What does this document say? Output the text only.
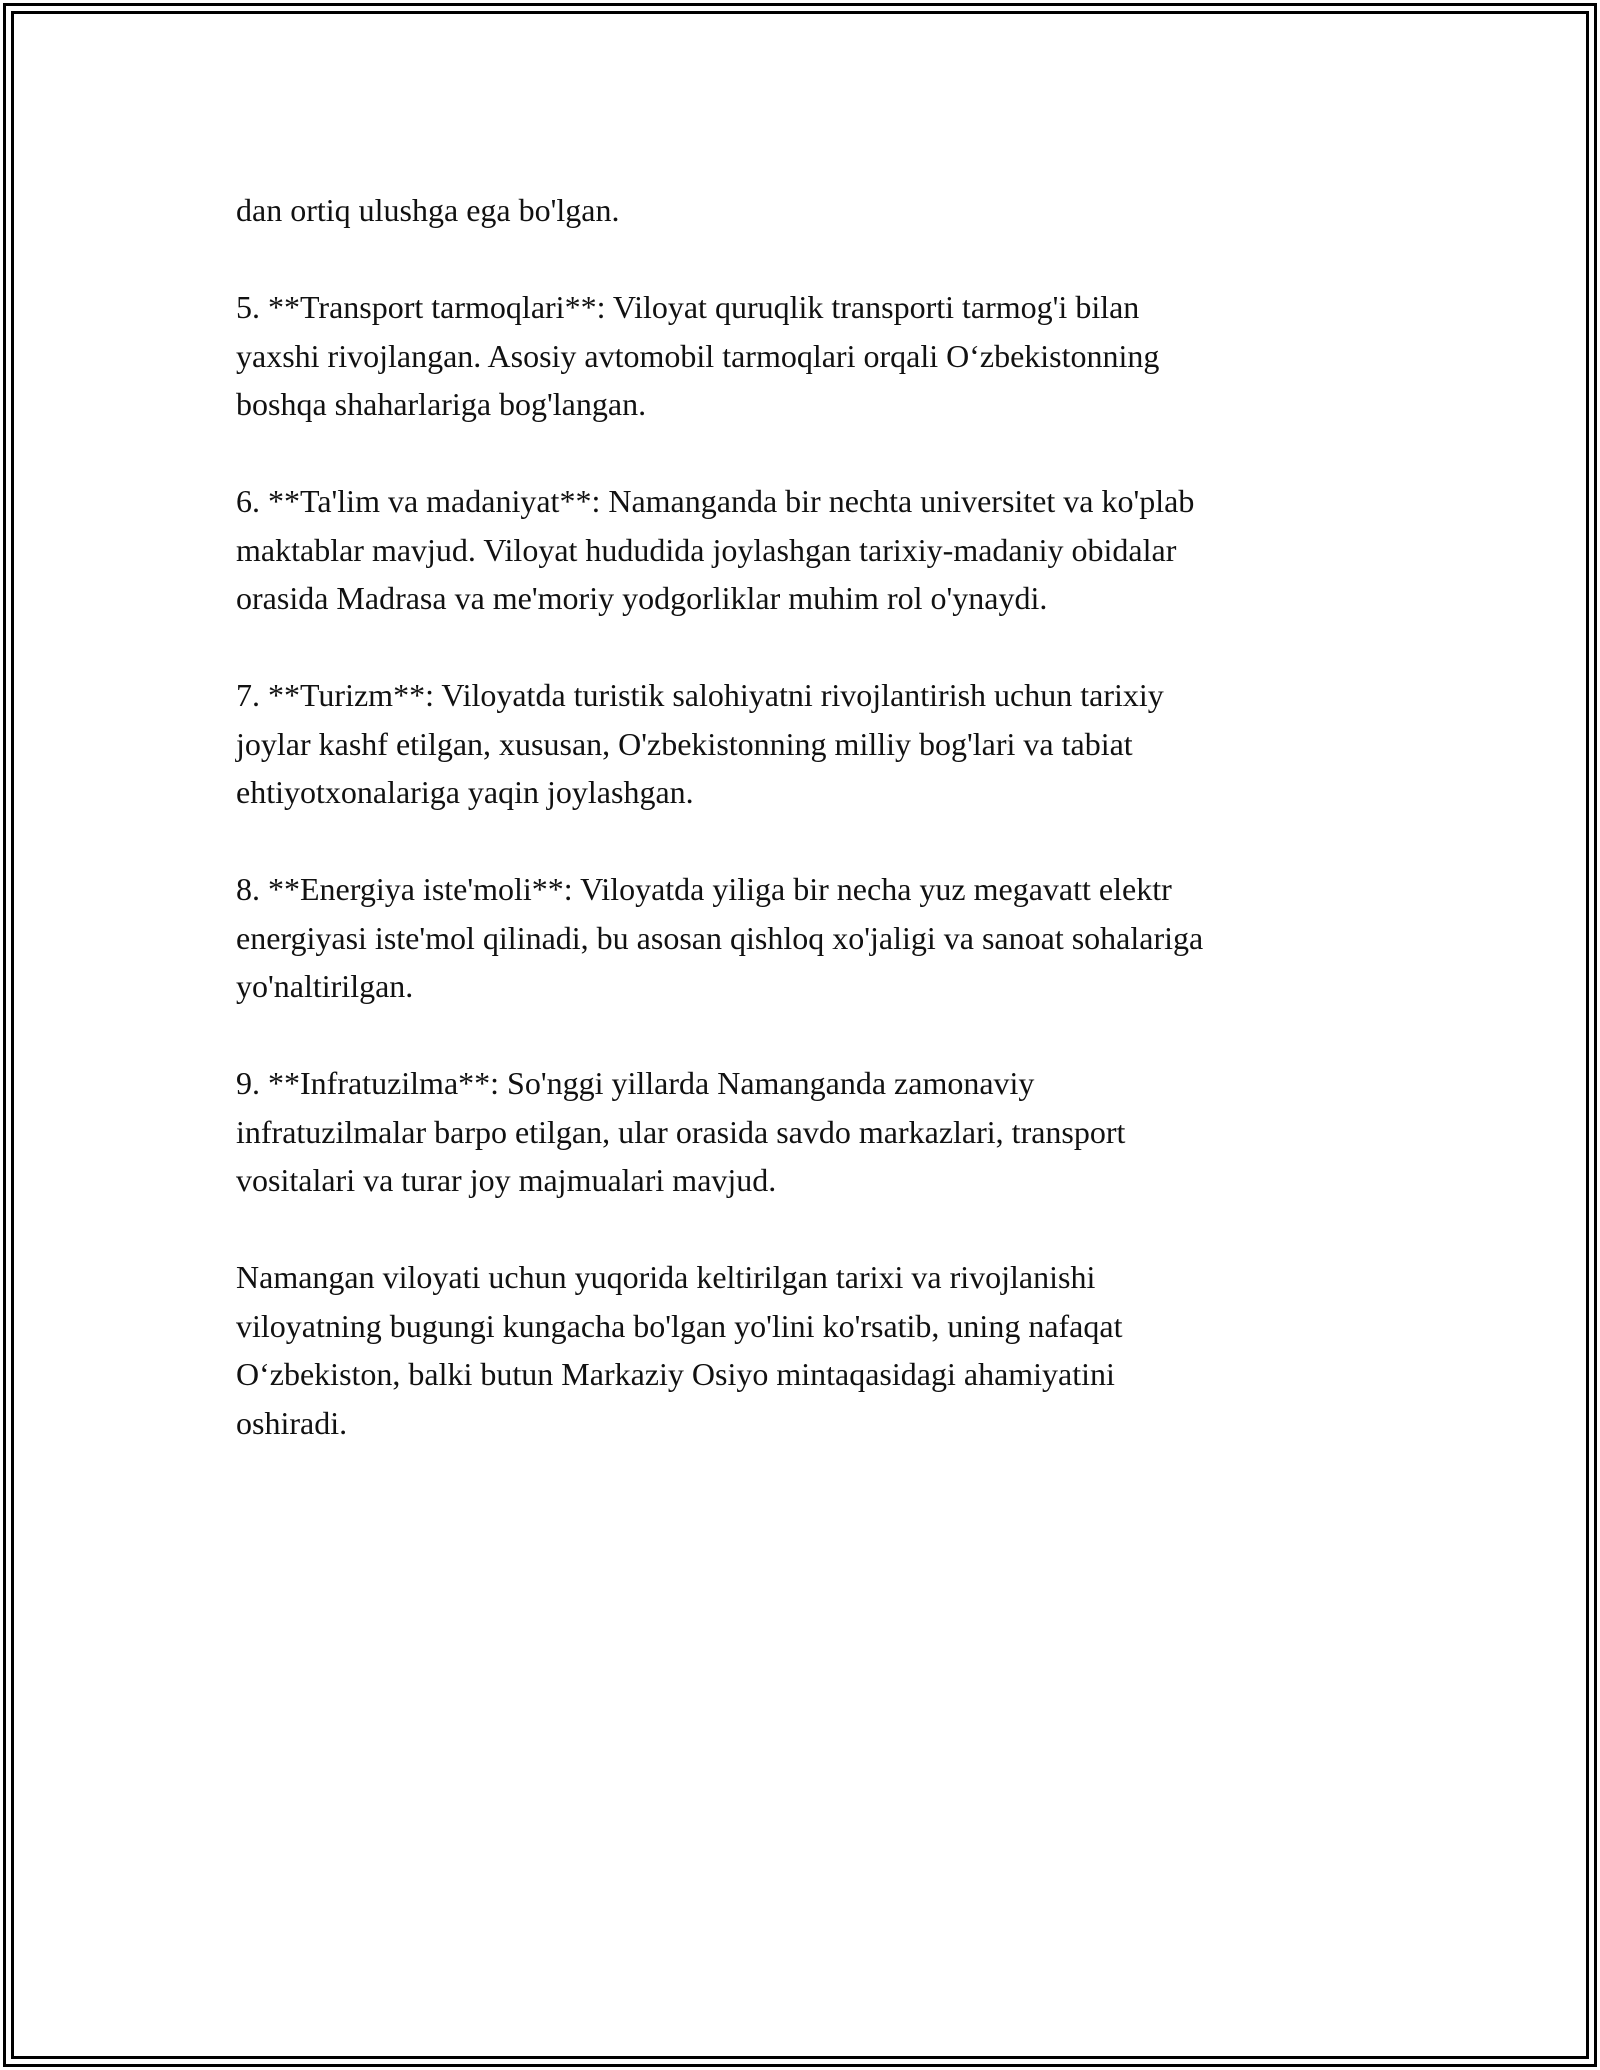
dan ortiq ulushga ega bo'lgan.

5. **Transport tarmoqlari**: Viloyat quruqlik transporti tarmog'i bilan
yaxshi rivojlangan. Asosiy avtomobil tarmoqlari orqali O‘zbekistonning
boshqa shaharlariga bog'langan.

6. **Ta'lim va madaniyat**: Namanganda bir nechta universitet va ko'plab
maktablar mavjud. Viloyat hududida joylashgan tarixiy-madaniy obidalar
orasida Madrasa va me'moriy yodgorliklar muhim rol o'ynaydi.

7. **Turizm**: Viloyatda turistik salohiyatni rivojlantirish uchun tarixiy
joylar kashf etilgan, xususan, O'zbekistonning milliy bog'lari va tabiat
ehtiyotxonalariga yaqin joylashgan.

8. **Energiya iste'moli**: Viloyatda yiliga bir necha yuz megavatt elektr
energiyasi iste'mol qilinadi, bu asosan qishloq xo'jaligi va sanoat sohalariga
yo'naltirilgan.

9. **Infratuzilma**: So'nggi yillarda Namanganda zamonaviy
infratuzilmalar barpo etilgan, ular orasida savdo markazlari, transport
vositalari va turar joy majmualari mavjud.

Namangan viloyati uchun yuqorida keltirilgan tarixi va rivojlanishi
viloyatning bugungi kungacha bo'lgan yo'lini ko'rsatib, uning nafaqat
O‘zbekiston, balki butun Markaziy Osiyo mintaqasidagi ahamiyatini
oshiradi.
